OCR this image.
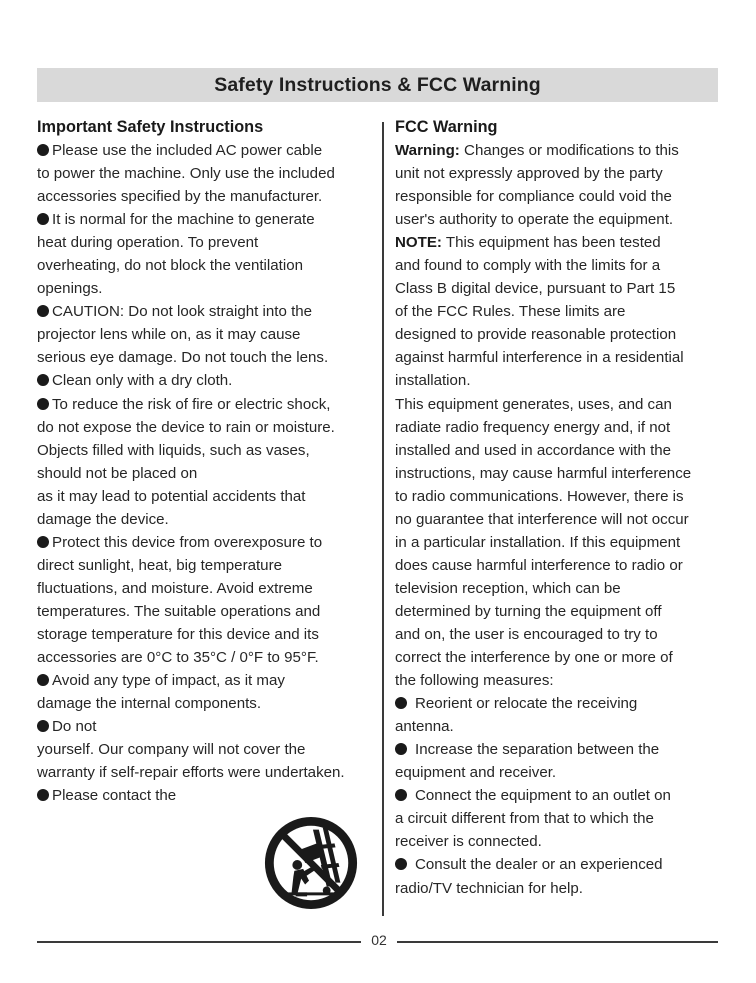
Safety Instructions & FCC Warning
Important Safety Instructions
Please use the included AC power cable
to power the machine. Only use the included
accessories specified by the manufacturer.
It is normal for the machine to generate
heat during operation. To prevent
overheating, do not block the ventilation
openings.
CAUTION: Do not look straight into the
projector lens while on, as it may cause
serious eye damage. Do not touch the lens.
Clean only with a dry cloth.
To reduce the risk of fire or electric shock,
do not expose the device to rain or moisture.
Objects filled with liquids, such as vases,
should not be placed on
as it may lead to potential accidents that
damage the device.
Protect this device from overexposure to
direct sunlight, heat, big temperature
fluctuations, and moisture. Avoid extreme
temperatures. The suitable operations and
storage temperature for this device and its
accessories are 0°C to 35°C / 0°F to 95°F.
Avoid any type of impact, as it may
damage the internal components.
Do not
yourself. Our company will not cover the
warranty if self-repair efforts were undertaken.
Please contact the
FCC Warning
Warning: Changes or modifications to this
unit not expressly approved by the party
responsible for compliance could void the
user's authority to operate the equipment.
NOTE: This equipment has been tested
and found to comply with the limits for a
Class B digital device, pursuant to Part 15
of the FCC Rules. These limits are
designed to provide reasonable protection
against harmful interference in a residential
installation.
This equipment generates, uses, and can
radiate radio frequency energy and, if not
installed and used in accordance with the
instructions, may cause harmful interference
to radio communications. However, there is
no guarantee that interference will not occur
in a particular installation. If this equipment
does cause harmful interference to radio or
television reception, which can be
determined by turning the equipment off
and on, the user is encouraged to try to
correct the interference by one or more of
the following measures:
Reorient or relocate the receiving
antenna.
Increase the separation between the
equipment and receiver.
Connect the equipment to an outlet on
a circuit different from that to which the
receiver is connected.
Consult the dealer or an experienced
radio/TV technician for help.
02
